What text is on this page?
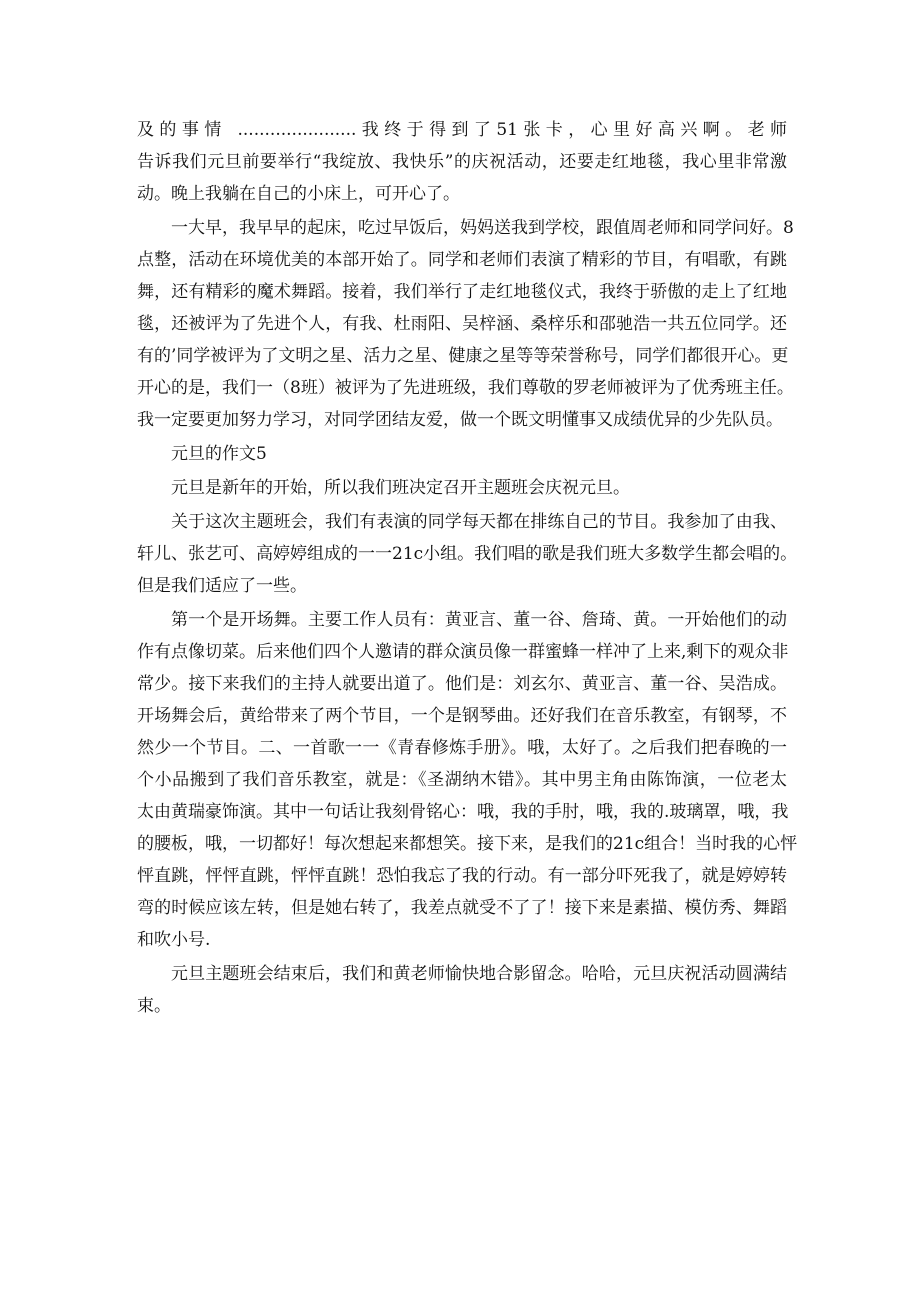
及的事情 ......................我终于得到了51张卡，心里好高兴啊。老师
告诉我们元旦前要举行“我绽放、我快乐”的庆祝活动，还要走红地毯，我心里非常激
动。晚上我躺在自己的小床上，可开心了。
一大早，我早早的起床，吃过早饭后，妈妈送我到学校，跟值周老师和同学问好。8
点整，活动在环境优美的本部开始了。同学和老师们表演了精彩的节目，有唱歌，有跳
舞，还有精彩的魔术舞蹈。接着，我们举行了走红地毯仪式，我终于骄傲的走上了红地
毯，还被评为了先进个人，有我、杜雨阳、吴梓涵、桑梓乐和邵驰浩一共五位同学。还
有的’同学被评为了文明之星、活力之星、健康之星等等荣誉称号，同学们都很开心。更
开心的是，我们一（8班）被评为了先进班级，我们尊敬的罗老师被评为了优秀班主任。
我一定要更加努力学习，对同学团结友爱，做一个既文明懂事又成绩优异的少先队员。
元旦的作文5
元旦是新年的开始，所以我们班决定召开主题班会庆祝元旦。
关于这次主题班会，我们有表演的同学每天都在排练自己的节目。我参加了由我、
轩儿、张艺可、高婷婷组成的一一21c小组。我们唱的歌是我们班大多数学生都会唱的。
但是我们适应了一些。
第一个是开场舞。主要工作人员有：黄亚言、董一谷、詹琦、黄。一开始他们的动
作有点像切菜。后来他们四个人邀请的群众演员像一群蜜蜂一样冲了上来,剩下的观众非
常少。接下来我们的主持人就要出道了。他们是：刘玄尔、黄亚言、董一谷、吴浩成。
开场舞会后，黄给带来了两个节目，一个是钢琴曲。还好我们在音乐教室，有钢琴，不
然少一个节目。二、一首歌一一《青春修炼手册》。哦，太好了。之后我们把春晚的一
个小品搬到了我们音乐教室，就是：《圣湖纳木错》。其中男主角由陈饰演，一位老太
太由黄瑞豪饰演。其中一句话让我刻骨铭心：哦，我的手肘，哦，我的.玻璃罩，哦，我
的腰板，哦，一切都好！每次想起来都想笑。接下来，是我们的21c组合！当时我的心怦
怦直跳，怦怦直跳，怦怦直跳！恐怕我忘了我的行动。有一部分吓死我了，就是婷婷转
弯的时候应该左转，但是她右转了，我差点就受不了了！接下来是素描、模仿秀、舞蹈
和吹小号.
元旦主题班会结束后，我们和黄老师愉快地合影留念。哈哈，元旦庆祝活动圆满结
束。
